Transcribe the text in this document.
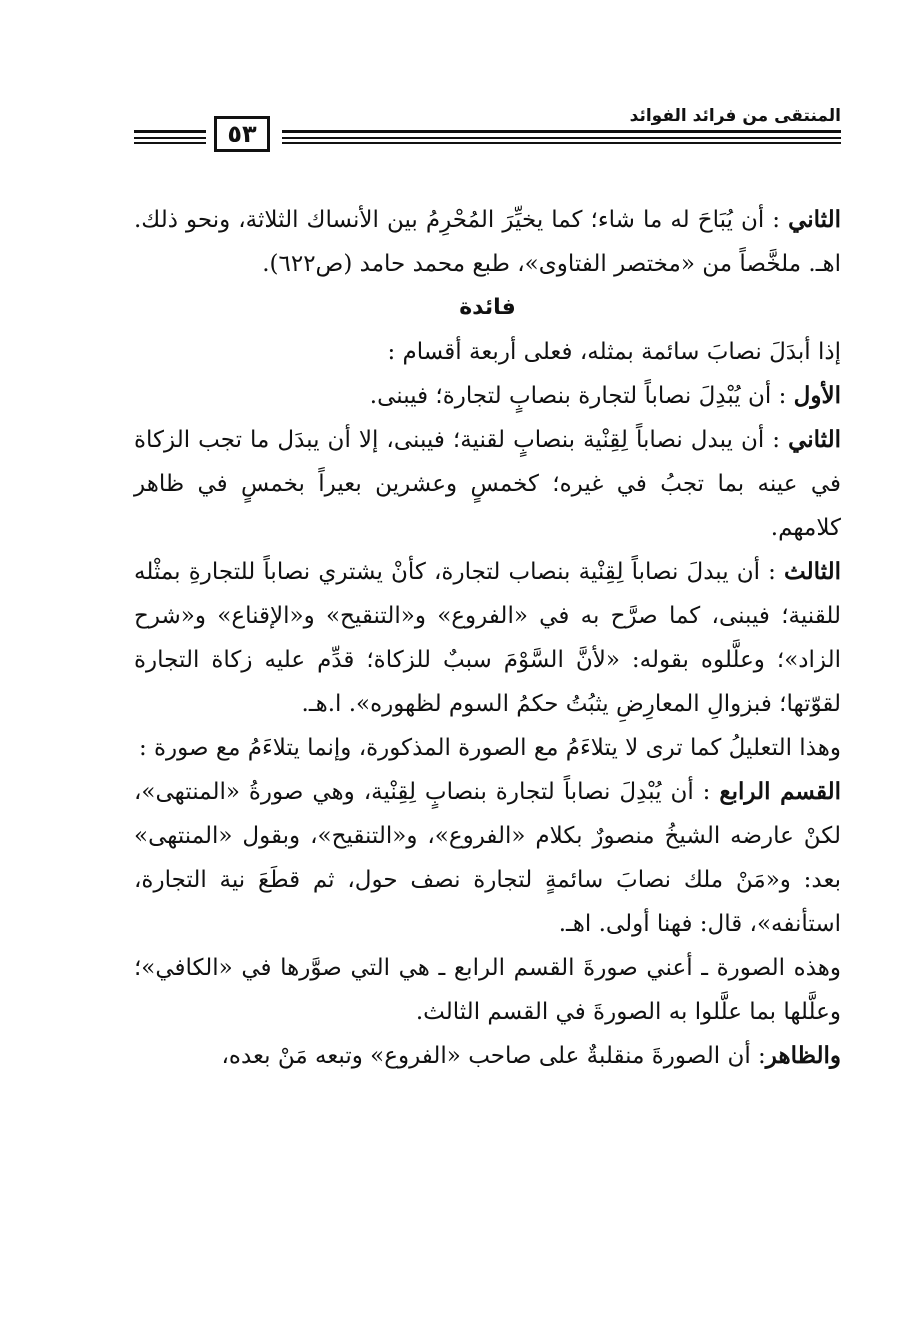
المنتقى من فرائد الفوائد
٥٣

الثاني : أن يُبَاحَ له ما شاء؛ كما يخيِّرَ المُحْرِمُ بين الأنساك الثلاثة، ونحو ذلك. اهـ. ملخَّصاً من «مختصر الفتاوى»، طبع محمد حامد (ص٦٢٢).

فائدة

إذا أبدَلَ نصابَ سائمة بمثله، فعلى أربعة أقسام :

الأول : أن يُبْدِلَ نصاباً لتجارة بنصابٍ لتجارة؛ فيبنى.

الثاني : أن يبدل نصاباً لِقِنْية بنصابٍ لقنية؛ فيبنى، إلا أن يبدَل ما تجب الزكاة في عينه بما تجبُ في غيره؛ كخمسٍ وعشرين بعيراً بخمسٍ في ظاهر كلامهم.

الثالث : أن يبدلَ نصاباً لِقِنْية بنصاب لتجارة، كأنْ يشتري نصاباً للتجارةِ بمثْله للقنية؛ فيبنى، كما صرَّح به في «الفروع» و«التنقيح» و«الإقناع» و«شرح الزاد»؛ وعلَّلوه بقوله: «لأنَّ السَّوْمَ سببٌ للزكاة؛ قدِّم عليه زكاة التجارة لقوّتها؛ فبزوالِ المعارِضِ يثبُتُ حكمُ السوم لظهوره». ا.هـ.

وهذا التعليلُ كما ترى لا يتلاءَمُ مع الصورة المذكورة، وإنما يتلاءَمُ مع صورة :

القسم الرابع : أن يُبْدِلَ نصاباً لتجارة بنصابٍ لِقِنْية، وهي صورةُ «المنتهى»، لكنْ عارضه الشيخُ منصورٌ بكلام «الفروع»، و«التنقيح»، وبقول «المنتهى» بعد: و«مَنْ ملك نصابَ سائمةٍ لتجارة نصف حول، ثم قطَعَ نية التجارة، استأنفه»، قال: فهنا أولى. اهـ.

وهذه الصورة ـ أعني صورةَ القسم الرابع ـ هي التي صوَّرها في «الكافي»؛ وعلَّلها بما علَّلوا به الصورةَ في القسم الثالث.

والظاهر: أن الصورةَ منقلبةٌ على صاحب «الفروع» وتبعه مَنْ بعده،
